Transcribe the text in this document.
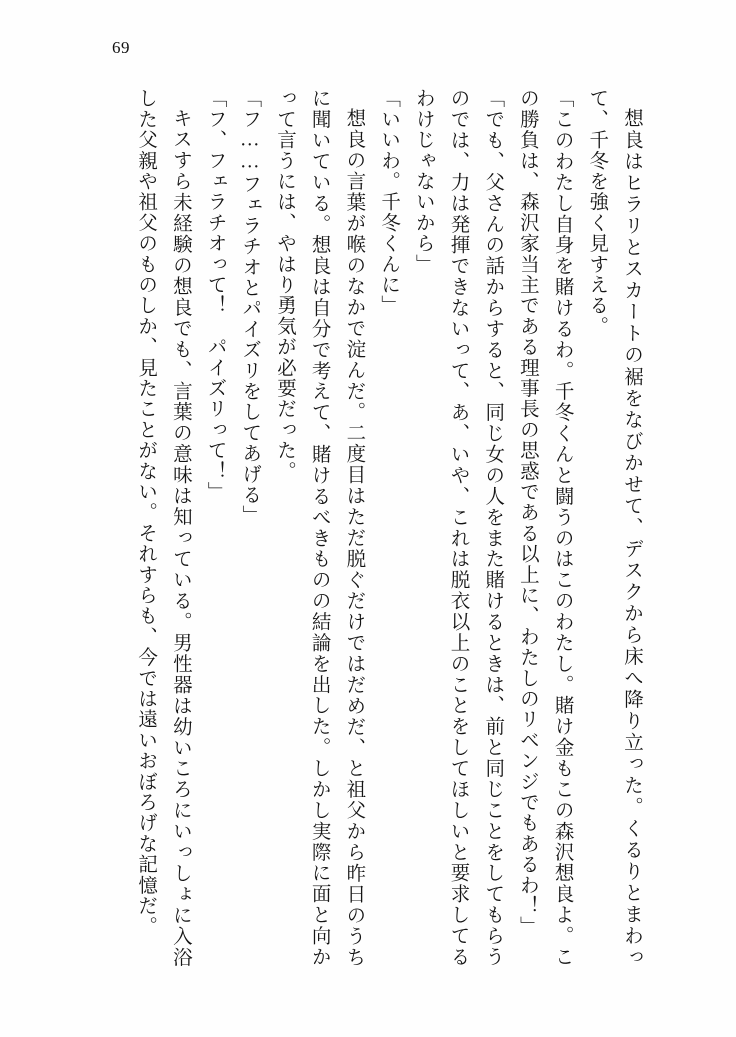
69

想良はヒラリとスカートの裾をなびかせて、デスクから床へ降り立った。くるりとまわって、千冬を強く見すえる。

「このわたし自身を賭けるわ。千冬くんと闘うのはこのわたし。賭け金もこの森沢想良よ。この勝負は、森沢家当主である理事長の思惑である以上に、わたしのリベンジでもあるわ！」

「でも、父さんの話からすると、同じ女の人をまた賭けるときは、前と同じことをしてもらうのでは、力は発揮できないって、あ、いや、これは脱衣以上のことをしてほしいと要求してるわけじゃないから」

「いいわ。千冬くんに」

想良の言葉が喉のなかで淀んだ。二度目はただ脱ぐだけではだめだ、と祖父から昨日のうちに聞いている。想良は自分で考えて、賭けるべきものの結論を出した。しかし実際に面と向かって言うには、やはり勇気が必要だった。

「フ……フェラチオとパイズリをしてあげる」

「フ、フェラチオって！　パイズリって！」

キスすら未経験の想良でも、言葉の意味は知っている。男性器は幼いころにいっしょに入浴した父親や祖父のものしか、見たことがない。それすらも、今では遠いおぼろげな記憶だ。
